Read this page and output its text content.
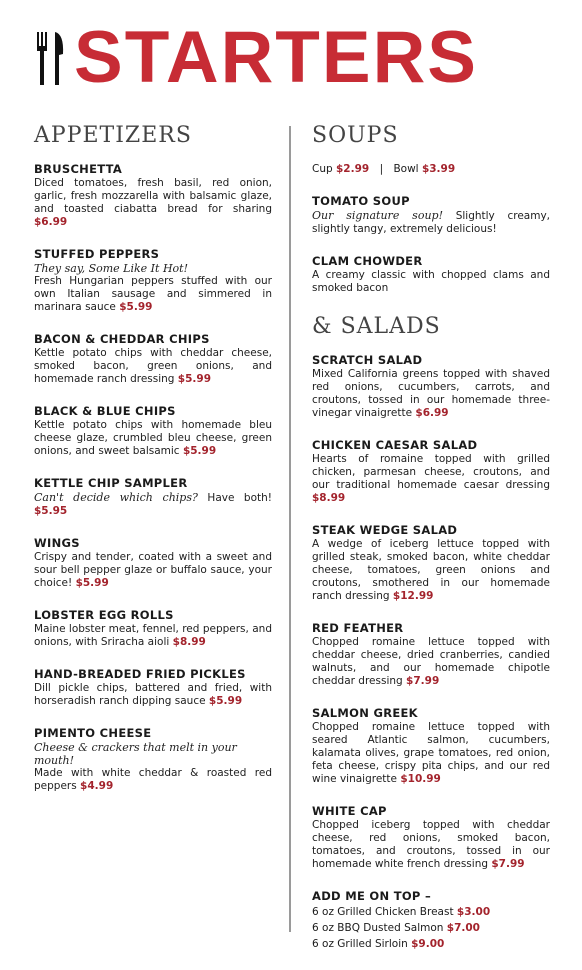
STARTERS
APPETIZERS
BRUSCHETTA
Diced tomatoes, fresh basil, red onion, garlic, fresh mozzarella with balsamic glaze, and toasted ciabatta bread for sharing $6.99
STUFFED PEPPERS
They say, Some Like It Hot!
Fresh Hungarian peppers stuffed with our own Italian sausage and simmered in marinara sauce $5.99
BACON & CHEDDAR CHIPS
Kettle potato chips with cheddar cheese, smoked bacon, green onions, and homemade ranch dressing $5.99
BLACK & BLUE CHIPS
Kettle potato chips with homemade bleu cheese glaze, crumbled bleu cheese, green onions, and sweet balsamic $5.99
KETTLE CHIP SAMPLER
Can't decide which chips? Have both! $5.95
WINGS
Crispy and tender, coated with a sweet and sour bell pepper glaze or buffalo sauce, your choice! $5.99
LOBSTER EGG ROLLS
Maine lobster meat, fennel, red peppers, and onions, with Sriracha aioli $8.99
HAND-BREADED FRIED PICKLES
Dill pickle chips, battered and fried, with horseradish ranch dipping sauce $5.99
PIMENTO CHEESE
Cheese & crackers that melt in your mouth!
Made with white cheddar & roasted red peppers $4.99
SOUPS
Cup $2.99 | Bowl $3.99
TOMATO SOUP
Our signature soup! Slightly creamy, slightly tangy, extremely delicious!
CLAM CHOWDER
A creamy classic with chopped clams and smoked bacon
& SALADS
SCRATCH SALAD
Mixed California greens topped with shaved red onions, cucumbers, carrots, and croutons, tossed in our homemade three-vinegar vinaigrette $6.99
CHICKEN CAESAR SALAD
Hearts of romaine topped with grilled chicken, parmesan cheese, croutons, and our traditional homemade caesar dressing $8.99
STEAK WEDGE SALAD
A wedge of iceberg lettuce topped with grilled steak, smoked bacon, white cheddar cheese, tomatoes, green onions and croutons, smothered in our homemade ranch dressing $12.99
RED FEATHER
Chopped romaine lettuce topped with cheddar cheese, dried cranberries, candied walnuts, and our homemade chipotle cheddar dressing $7.99
SALMON GREEK
Chopped romaine lettuce topped with seared Atlantic salmon, cucumbers, kalamata olives, grape tomatoes, red onion, feta cheese, crispy pita chips, and our red wine vinaigrette $10.99
WHITE CAP
Chopped iceberg topped with cheddar cheese, red onions, smoked bacon, tomatoes, and croutons, tossed in our homemade white french dressing $7.99
ADD ME ON TOP –
6 oz Grilled Chicken Breast $3.00
6 oz BBQ Dusted Salmon $7.00
6 oz Grilled Sirloin $9.00
